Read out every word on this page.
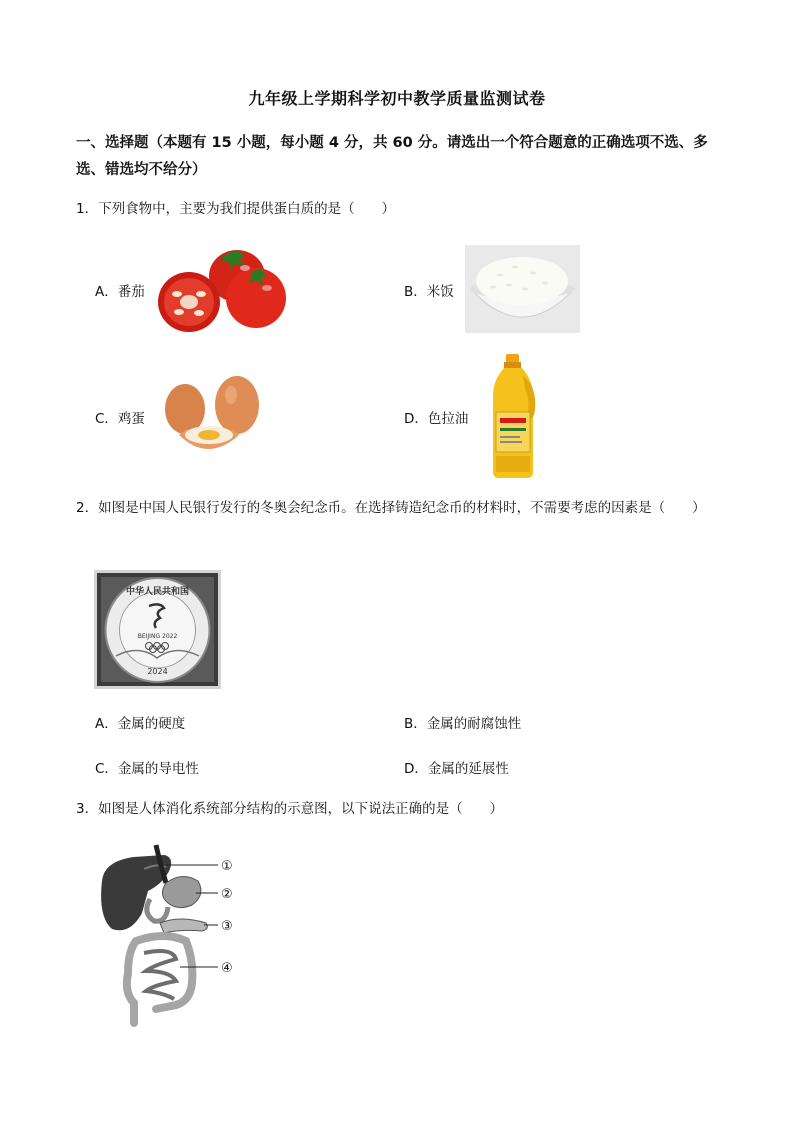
九年级上学期科学初中教学质量监测试卷
一、选择题（本题有 15 小题，每小题 4 分，共 60 分。请选出一个符合题意的正确选项不选、多选、错选均不给分）
1．下列食物中，主要为我们提供蛋白质的是（　　）
A．番茄	B．米饭
C．鸡蛋	D．色拉油
2．如图是中国人民银行发行的冬奥会纪念币。在选择铸造纪念币的材料时，不需要考虑的因素是（　　）
中华人民共和国
BEIJING 2022
2024
A．金属的硬度	B．金属的耐腐蚀性
C．金属的导电性	D．金属的延展性
3．如图是人体消化系统部分结构的示意图，以下说法正确的是（　　）
①
②
③
④
